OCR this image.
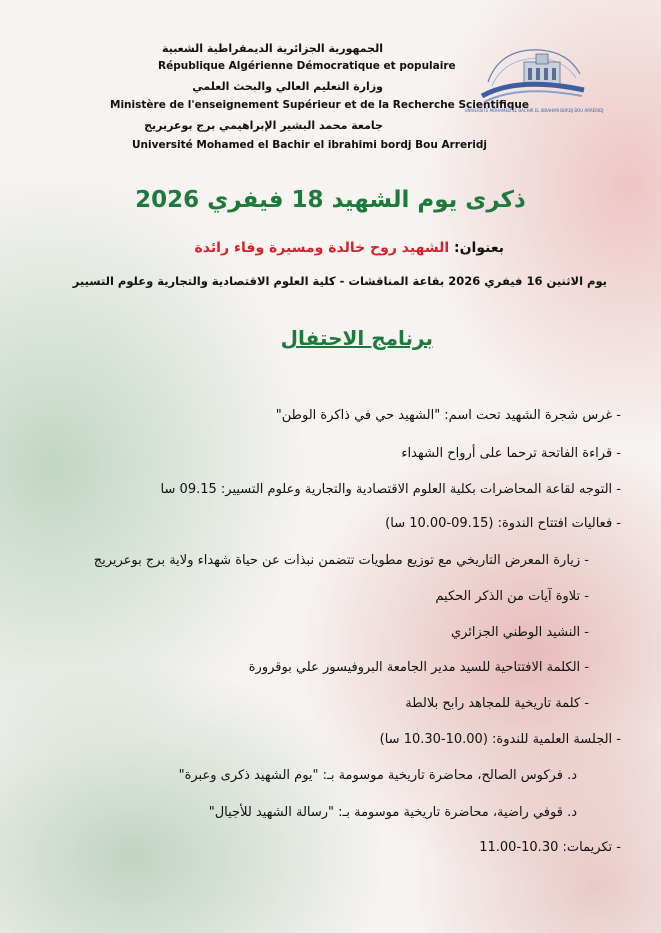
الجمهورية الجزائرية الديمقراطية الشعبية
République Algérienne Démocratique et populaire
وزارة التعليم العالي والبحث العلمي
Ministère de l'enseignement Supérieur et de la Recherche Scientifique
جامعة محمد البشير الإبراهيمي برج بوعريريج
Université Mohamed el Bachir el ibrahimi bordj Bou Arreridj
UNIVERSITE MOHAMED EL BACHIR EL IBRAHIMI BORDJ BOU ARRERIDJ
ذكرى يوم الشهيد 18 فيفري 2026
بعنوان: الشهيد روح خالدة ومسيرة وفاء رائدة
يوم الاثنين 16 فيفري 2026 بقاعة المناقشات - كلية العلوم الاقتصادية والتجارية وعلوم التسيير
برنامج الاحتفال
- غرس شجرة الشهيد تحت اسم: "الشهيد حي في ذاكرة الوطن"
- قراءة الفاتحة ترحما على أرواح الشهداء
- التوجه لقاعة المحاضرات بكلية العلوم الاقتصادية والتجارية وعلوم التسيير: 09.15 سا
- فعاليات افتتاح الندوة: (09.15-10.00 سا)
- زيارة المعرض التاريخي مع توزيع مطويات تتضمن نبذات عن حياة شهداء ولاية برج بوعريريج
- تلاوة آيات من الذكر الحكيم
- النشيد الوطني الجزائري
- الكلمة الافتتاحية للسيد مدير الجامعة البروفيسور علي بوقرورة
- كلمة تاريخية للمجاهد رابح بلالطة
- الجلسة العلمية للندوة: (10.00-10.30 سا)
د. فركوس الصالح، محاضرة تاريخية موسومة بـ: "يوم الشهيد ذكرى وعبرة"
د. قوفي راضية، محاضرة تاريخية موسومة بـ: "رسالة الشهيد للأجيال"
- تكريمات: 10.30-11.00
